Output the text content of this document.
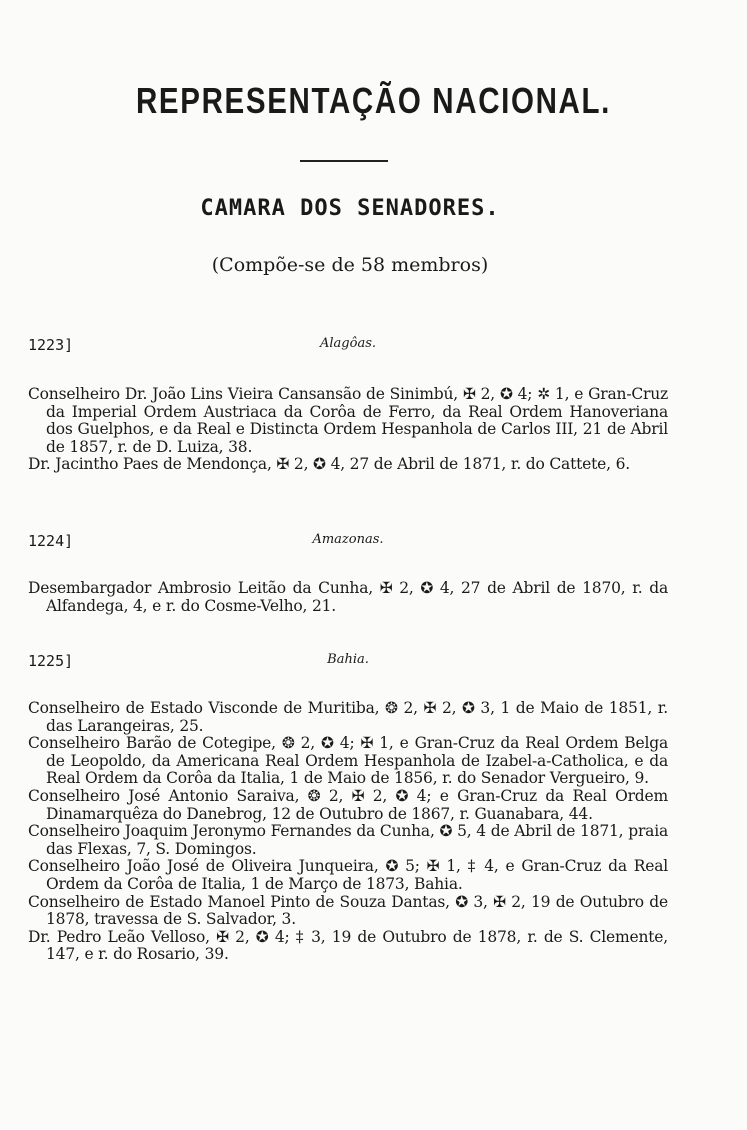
REPRESENTAÇÃO NACIONAL.
CAMARA DOS SENADORES.
(Compõe-se de 58 membros)
1223]	Alagôas.

Conselheiro Dr. João Lins Vieira Cansansão de Sinimbú, ✠ 2, ✪ 4; ✲ 1, e Gran-Cruz da Imperial Ordem Austriaca da Corôa de Ferro, da Real Ordem Hanoveriana dos Guelphos, e da Real e Distincta Ordem Hespanhola de Carlos III, 21 de Abril de 1857, r. de D. Luiza, 38.

Dr. Jacintho Paes de Mendonça, ✠ 2, ✪ 4, 27 de Abril de 1871, r. do Cattete, 6.

1224]	Amazonas.

Desembargador Ambrosio Leitão da Cunha, ✠ 2, ✪ 4, 27 de Abril de 1870, r. da Alfandega, 4, e r. do Cosme-Velho, 21.

1225]	Bahia.

Conselheiro de Estado Visconde de Muritiba, ❂ 2, ✠ 2, ✪ 3, 1 de Maio de 1851, r. das Larangeiras, 25.

Conselheiro Barão de Cotegipe, ❂ 2, ✪ 4; ✠ 1, e Gran-Cruz da Real Ordem Belga de Leopoldo, da Americana Real Ordem Hespanhola de Izabel-a-Catholica, e da Real Ordem da Corôa da Italia, 1 de Maio de 1856, r. do Senador Vergueiro, 9.

Conselheiro José Antonio Saraiva, ❂ 2, ✠ 2, ✪ 4; e Gran-Cruz da Real Ordem Dinamarquêza do Danebrog, 12 de Outubro de 1867, r. Guanabara, 44.

Conselheiro Joaquim Jeronymo Fernandes da Cunha, ✪ 5, 4 de Abril de 1871, praia das Flexas, 7, S. Domingos.

Conselheiro João José de Oliveira Junqueira, ✪ 5; ✠ 1, ‡ 4, e Gran-Cruz da Real Ordem da Corôa de Italia, 1 de Março de 1873, Bahia.

Conselheiro de Estado Manoel Pinto de Souza Dantas, ✪ 3, ✠ 2, 19 de Outubro de 1878, travessa de S. Salvador, 3.

Dr. Pedro Leão Velloso, ✠ 2, ✪ 4; ‡ 3, 19 de Outubro de 1878, r. de S. Clemente, 147, e r. do Rosario, 39.
